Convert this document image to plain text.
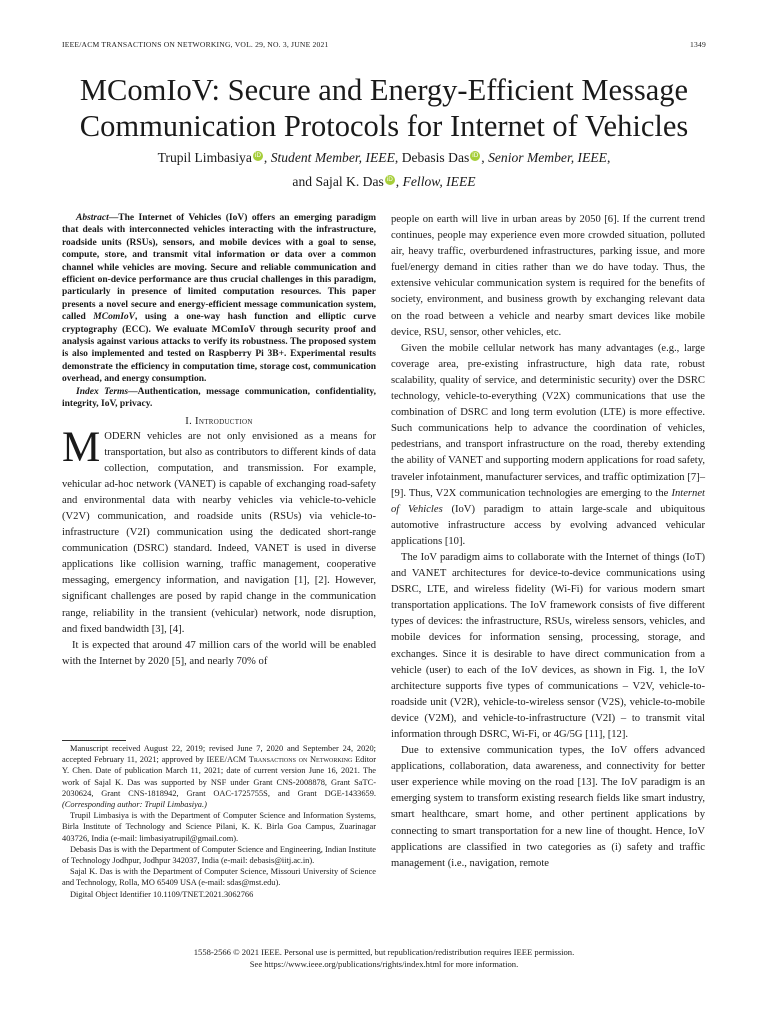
IEEE/ACM TRANSACTIONS ON NETWORKING, VOL. 29, NO. 3, JUNE 2021	1349
MComIoV: Secure and Energy-Efficient Message
Communication Protocols for Internet of Vehicles
Trupil Limbasiya iD , Student Member, IEEE, Debasis Das iD , Senior Member, IEEE,
and Sajal K. Das iD , Fellow, IEEE

Abstract—The Internet of Vehicles (IoV) offers an emerging paradigm that deals with interconnected vehicles interacting with the infrastructure, roadside units (RSUs), sensors, and mobile devices with a goal to sense, compute, store, and transmit vital information or data over a common channel while vehicles are moving. Secure and reliable communication and efficient on-device performance are thus crucial challenges in this paradigm, particularly in presence of limited computation resources. This paper presents a novel secure and energy-efficient message communication system, called MComIoV, using a one-way hash function and elliptic curve cryptography (ECC). We evaluate MComIoV through security proof and analysis against various attacks to verify its robustness. The proposed system is also implemented and tested on Raspberry Pi 3B+. Experimental results demonstrate the efficiency in computation time, storage cost, communication overhead, and energy consumption.

Index Terms—Authentication, message communication, confidentiality, integrity, IoV, privacy.

I. Introduction

MODERN vehicles are not only envisioned as a means for transportation, but also as contributors to different kinds of data collection, computation, and transmission. For example, vehicular ad-hoc network (VANET) is capable of exchanging road-safety and environmental data with nearby vehicles via vehicle-to-vehicle (V2V) communication, and roadside units (RSUs) via vehicle-to-infrastructure (V2I) communication using the dedicated short-range communication (DSRC) standard. Indeed, VANET is used in diverse applications like collision warning, traffic management, cooperative messaging, emergency information, and navigation [1], [2]. However, significant challenges are posed by rapid change in the communication range, reliability in the transient (vehicular) network, node disruption, and fixed bandwidth [3], [4].

It is expected that around 47 million cars of the world will be enabled with the Internet by 2020 [5], and nearly 70% of

Manuscript received August 22, 2019; revised June 7, 2020 and September 24, 2020; accepted February 11, 2021; approved by IEEE/ACM Transactions on Networking Editor Y. Chen. Date of publication March 11, 2021; date of current version June 16, 2021. The work of Sajal K. Das was supported by NSF under Grant CNS-2008878, Grant SaTC-2030624, Grant CNS-1818942, Grant OAC-1725755S, and Grant DGE-1433659. (Corresponding author: Trupil Limbasiya.)

Trupil Limbasiya is with the Department of Computer Science and Information Systems, Birla Institute of Technology and Science Pilani, K. K. Birla Goa Campus, Zuarinagar 403726, India (e-mail: limbasiyatrupil@gmail.com).

Debasis Das is with the Department of Computer Science and Engineering, Indian Institute of Technology Jodhpur, Jodhpur 342037, India (e-mail: debasis@iitj.ac.in).

Sajal K. Das is with the Department of Computer Science, Missouri University of Science and Technology, Rolla, MO 65409 USA (e-mail: sdas@mst.edu).

Digital Object Identifier 10.1109/TNET.2021.3062766

people on earth will live in urban areas by 2050 [6]. If the current trend continues, people may experience even more crowded situation, polluted air, heavy traffic, overburdened infrastructures, parking issue, and more fuel/energy demand in cities rather than we do have today. Thus, the extensive vehicular communication system is required for the benefits of society, environment, and business growth by exchanging relevant data on the road between a vehicle and nearby smart devices like mobile device, RSU, sensor, other vehicles, etc.

Given the mobile cellular network has many advantages (e.g., large coverage area, pre-existing infrastructure, high data rate, robust scalability, quality of service, and deterministic security) over the DSRC technology, vehicle-to-everything (V2X) communications that use the combination of DSRC and long term evolution (LTE) is more effective. Such communications help to advance the coordination of vehicles, pedestrians, and transport infrastructure on the road, thereby extending the ability of VANET and supporting modern applications for road safety, traveler infotainment, manufacturer services, and traffic optimization [7]–[9]. Thus, V2X communication technologies are emerging to the Internet of Vehicles (IoV) paradigm to attain large-scale and ubiquitous automotive infrastructure access by evolving advanced vehicular applications [10].

The IoV paradigm aims to collaborate with the Internet of things (IoT) and VANET architectures for device-to-device communications using DSRC, LTE, and wireless fidelity (Wi-Fi) for various modern smart transportation applications. The IoV framework consists of five different types of devices: the infrastructure, RSUs, wireless sensors, vehicles, and mobile devices for information sensing, processing, storage, and exchanges. Since it is desirable to have direct communication from a vehicle (user) to each of the IoV devices, as shown in Fig. 1, the IoV architecture supports five types of communications – V2V, vehicle-to-roadside unit (V2R), vehicle-to-wireless sensor (V2S), vehicle-to-mobile device (V2M), and vehicle-to-infrastructure (V2I) – to transmit vital information through DSRC, Wi-Fi, or 4G/5G [11], [12].

Due to extensive communication types, the IoV offers advanced applications, collaboration, data awareness, and connectivity for better user experience while moving on the road [13]. The IoV paradigm is an emerging system to transform existing research fields like smart industry, smart healthcare, smart home, and other pertinent applications by connecting to smart transportation for a new line of thought. Hence, IoV applications are classified in two categories as (i) safety and traffic management (i.e., navigation, remote

1558-2566 © 2021 IEEE. Personal use is permitted, but republication/redistribution requires IEEE permission.
See https://www.ieee.org/publications/rights/index.html for more information.
